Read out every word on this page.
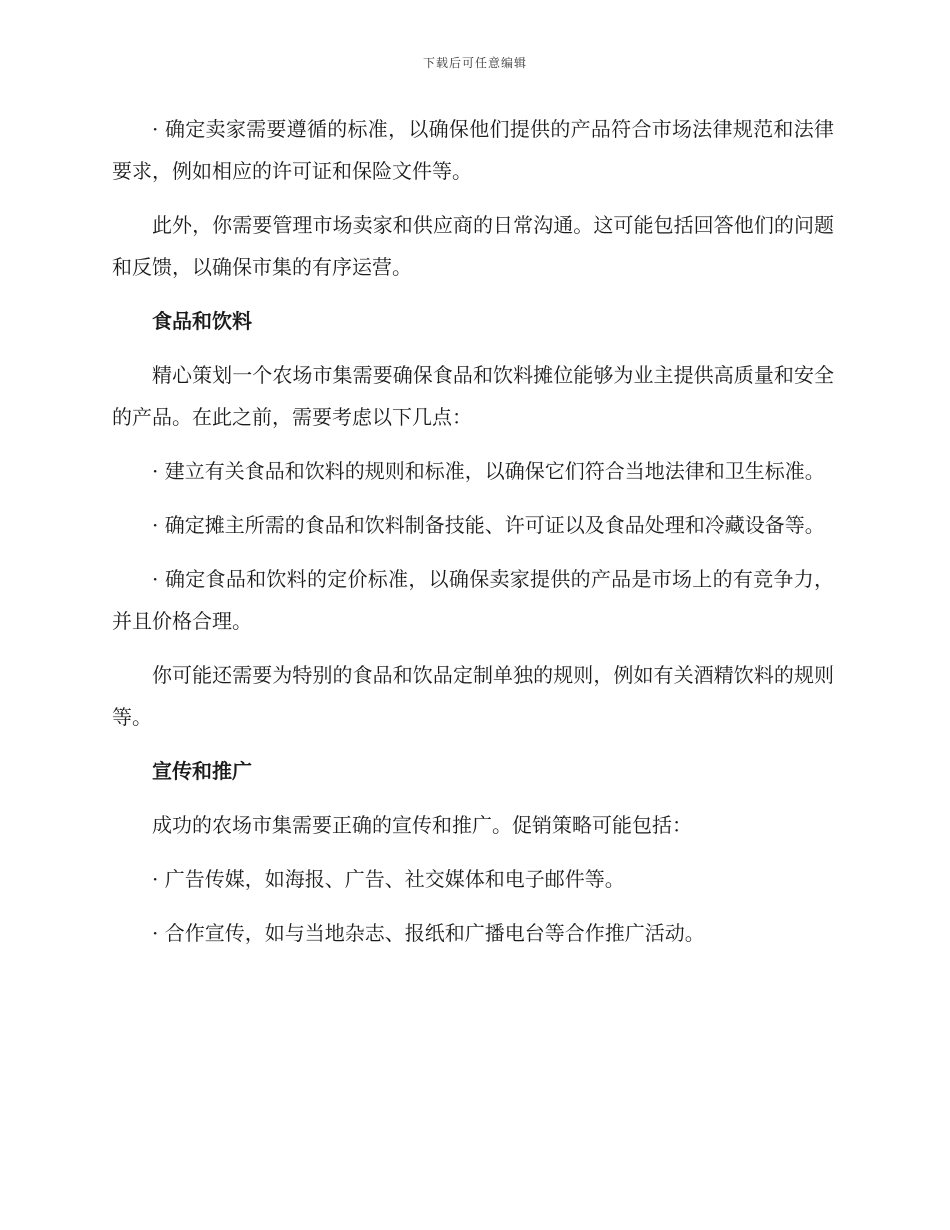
下载后可任意编辑

· 确定卖家需要遵循的标准，以确保他们提供的产品符合市场法律规范和法律要求，例如相应的许可证和保险文件等。

此外，你需要管理市场卖家和供应商的日常沟通。这可能包括回答他们的问题和反馈，以确保市集的有序运营。

食品和饮料

精心策划一个农场市集需要确保食品和饮料摊位能够为业主提供高质量和安全的产品。在此之前，需要考虑以下几点：

· 建立有关食品和饮料的规则和标准，以确保它们符合当地法律和卫生标准。

· 确定摊主所需的食品和饮料制备技能、许可证以及食品处理和冷藏设备等。

· 确定食品和饮料的定价标准，以确保卖家提供的产品是市场上的有竞争力，并且价格合理。

你可能还需要为特别的食品和饮品定制单独的规则，例如有关酒精饮料的规则等。

宣传和推广

成功的农场市集需要正确的宣传和推广。促销策略可能包括：

· 广告传媒，如海报、广告、社交媒体和电子邮件等。

· 合作宣传，如与当地杂志、报纸和广播电台等合作推广活动。
